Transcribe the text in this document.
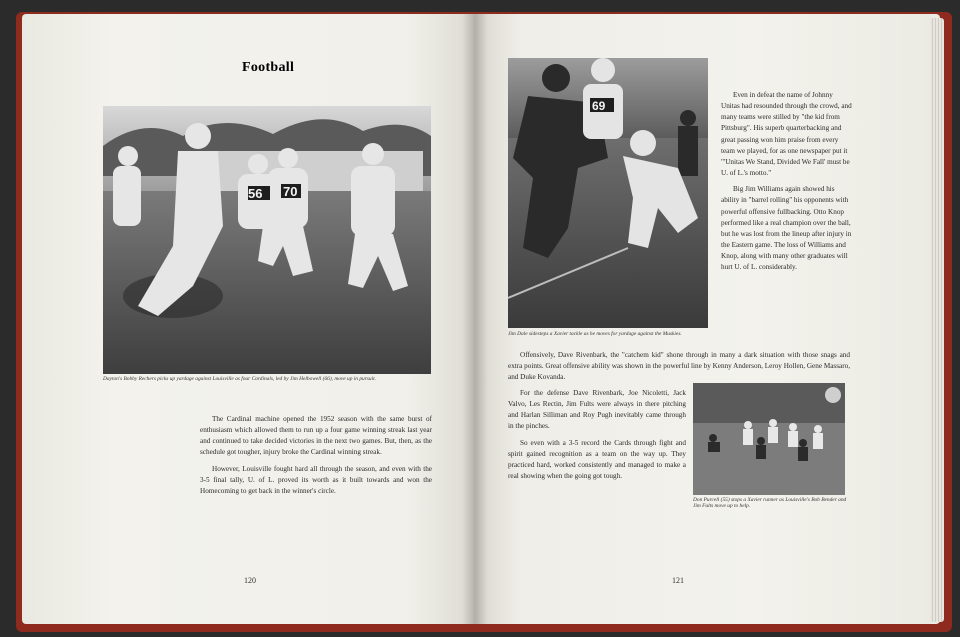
Football
56 70
Dayton's Bobby Rechers picks up yardage against Louisville as four Cardinals, led by Jim Helbowell (66), move up in pursuit.

The Cardinal machine opened the 1952 season with the same burst of enthusiasm which allowed them to run up a four game winning streak last year and continued to take decided victories in the next two games. But, then, as the schedule got tougher, injury broke the Cardinal winning streak.

However, Louisville fought hard all through the season, and even with the 3-5 final tally, U. of L. proved its worth as it built towards and won the Homecoming to get back in the winner's circle.

120
69
Jim Dale sidesteps a Xavier tackle as he moves for yardage against the Muskies.

Even in defeat the name of Johnny Unitas had resounded through the crowd, and many teams were stilled by "the kid from Pittsburg". His superb quarterbacking and great passing won him praise from every team we played, for as one newspaper put it "'Unitas We Stand, Divided We Fall' must be U. of L.'s motto."

Big Jim Williams again showed his ability in "barrel rolling" his opponents with powerful offensive fullbacking. Otto Knop performed like a real champion over the ball, but he was lost from the lineup after injury in the Eastern game. The loss of Williams and Knop, along with many other graduates will hurt U. of L. considerably.

Offensively, Dave Rivenbark, the "catchem kid" shone through in many a dark situation with those snags and extra points. Great offensive ability was shown in the powerful line by Kenny Anderson, Leroy Hollen, Gene Massaro, and Duke Kovanda.

For the defense Dave Rivenbark, Joe Nicoletti, Jack Valvo, Les Rectin, Jim Fults were always in there pitching and Harlan Silliman and Roy Pugh inevitably came through in the pinches.

So even with a 3-5 record the Cards through fight and spirit gained recognition as a team on the way up. They practiced hard, worked consistently and managed to make a real showing when the going got tough.

Don Purcell (55) stops a Xavier runner as Louisville's Bob Bender and Jim Fults move up to help.
121
